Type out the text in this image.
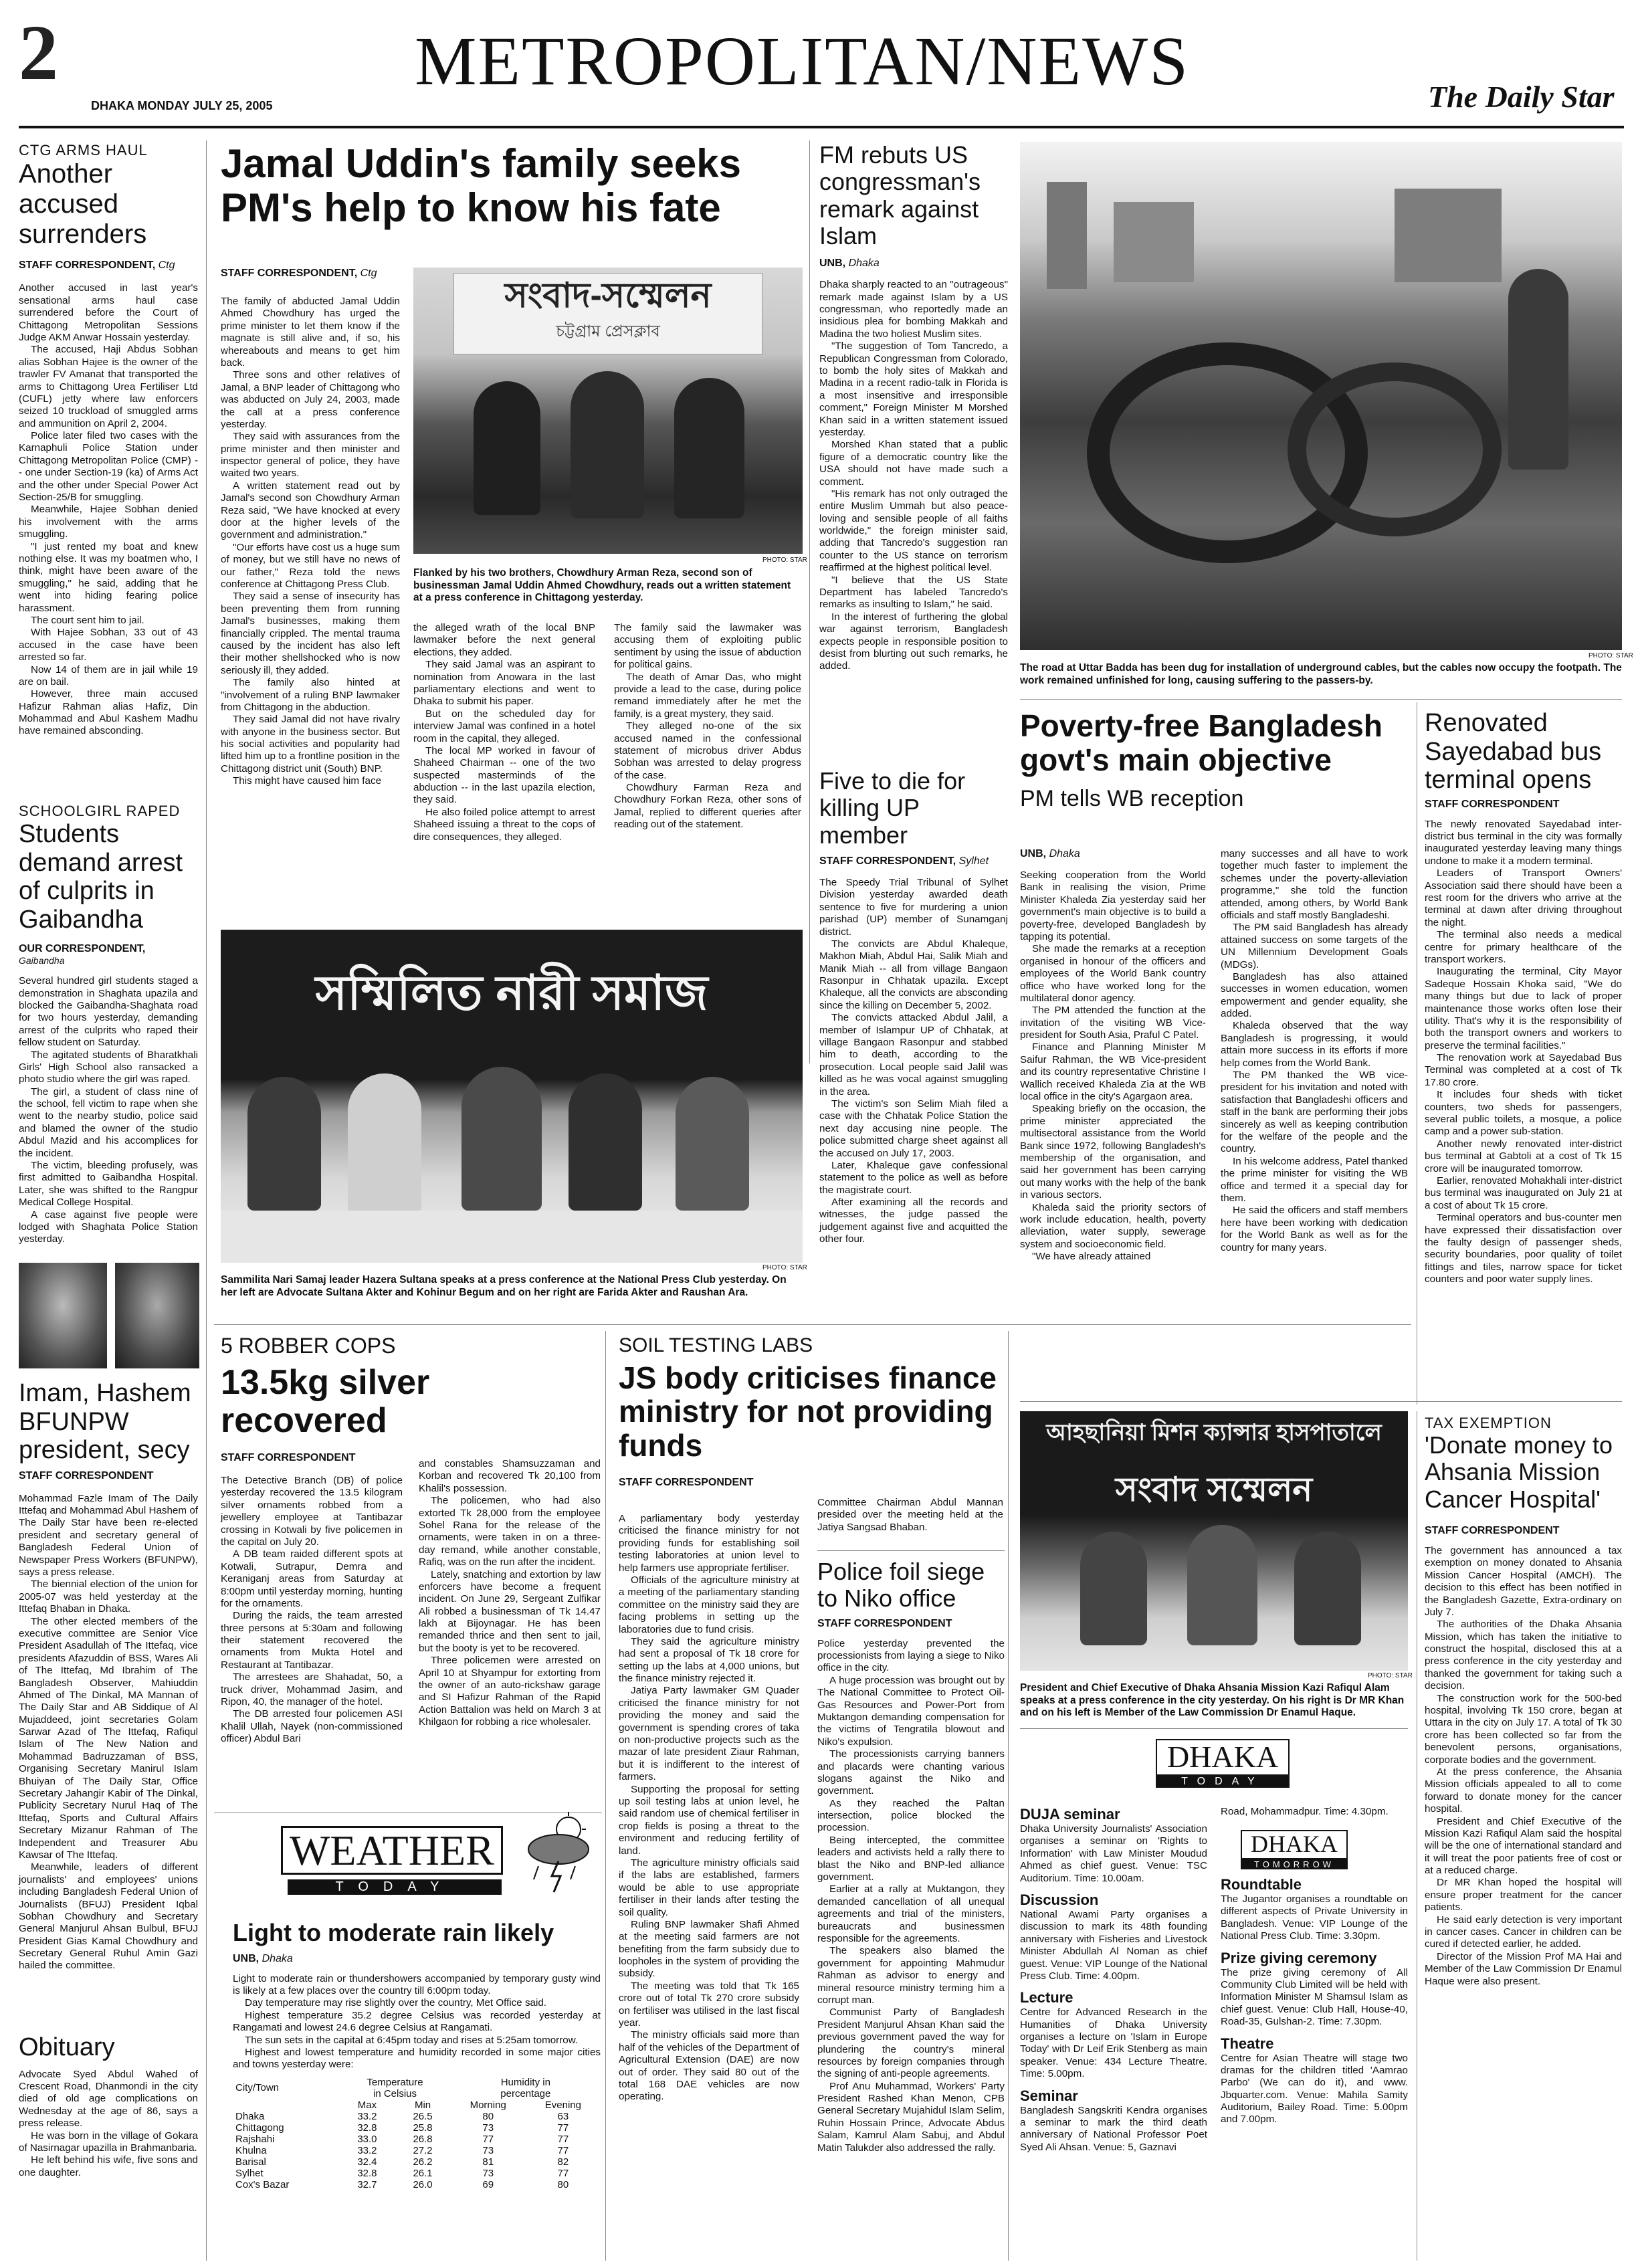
2
DHAKA MONDAY JULY 25, 2005
METROPOLITAN/NEWS	The Daily Star
CTG ARMS HAUL
Another accused surrenders
STAFF CORRESPONDENT, Ctg

Another accused in last year's sensational arms haul case surrendered before the Court of Chittagong Metropolitan Sessions Judge AKM Anwar Hossain yesterday.

The accused, Haji Abdus Sobhan alias Sobhan Hajee is the owner of the trawler FV Amanat that transported the arms to Chittagong Urea Fertiliser Ltd (CUFL) jetty where law enforcers seized 10 truckload of smuggled arms and ammunition on April 2, 2004.

Police later filed two cases with the Karnaphuli Police Station under Chittagong Metropolitan Police (CMP) -- one under Section-19 (ka) of Arms Act and the other under Special Power Act Section-25/B for smuggling.

Meanwhile, Hajee Sobhan denied his involvement with the arms smuggling.

"I just rented my boat and knew nothing else. It was my boatmen who, I think, might have been aware of the smuggling," he said, adding that he went into hiding fearing police harassment.

The court sent him to jail.

With Hajee Sobhan, 33 out of 43 accused in the case have been arrested so far.

Now 14 of them are in jail while 19 are on bail.

However, three main accused Hafizur Rahman alias Hafiz, Din Mohammad and Abul Kashem Madhu have remained absconding.

SCHOOLGIRL RAPED
Students demand arrest of culprits in Gaibandha
OUR CORRESPONDENT,
Gaibandha

Several hundred girl students staged a demonstration in Shaghata upazila and blocked the Gaibandha-Shaghata road for two hours yesterday, demanding arrest of the culprits who raped their fellow student on Saturday.

The agitated students of Bharatkhali Girls' High School also ransacked a photo studio where the girl was raped.

The girl, a student of class nine of the school, fell victim to rape when she went to the nearby studio, police said and blamed the owner of the studio Abdul Mazid and his accomplices for the incident.

The victim, bleeding profusely, was first admitted to Gaibandha Hospital. Later, she was shifted to the Rangpur Medical College Hospital.

A case against five people were lodged with Shaghata Police Station yesterday.

Imam, Hashem BFUNPW president, secy
STAFF CORRESPONDENT

Mohammad Fazle Imam of The Daily Ittefaq and Mohammad Abul Hashem of The Daily Star have been re-elected president and secretary general of Bangladesh Federal Union of Newspaper Press Workers (BFUNPW), says a press release.

The biennial election of the union for 2005-07 was held yesterday at the Ittefaq Bhaban in Dhaka.

The other elected members of the executive committee are Senior Vice President Asadullah of The Ittefaq, vice presidents Afazuddin of BSS, Wares Ali of The Ittefaq, Md Ibrahim of The Bangladesh Observer, Mahiuddin Ahmed of The Dinkal, MA Mannan of The Daily Star and AB Siddique of Al Mujaddeed, joint secretaries Golam Sarwar Azad of The Ittefaq, Rafiqul Islam of The New Nation and Mohammad Badruzzaman of BSS, Organising Secretary Manirul Islam Bhuiyan of The Daily Star, Office Secretary Jahangir Kabir of The Dinkal, Publicity Secretary Nurul Haq of The Ittefaq, Sports and Cultural Affairs Secretary Mizanur Rahman of The Independent and Treasurer Abu Kawsar of The Ittefaq.

Meanwhile, leaders of different journalists' and employees' unions including Bangladesh Federal Union of Journalists (BFUJ) President Iqbal Sobhan Chowdhury and Secretary General Manjurul Ahsan Bulbul, BFUJ President Gias Kamal Chowdhury and Secretary General Ruhul Amin Gazi hailed the committee.

Obituary

Advocate Syed Abdul Wahed of Crescent Road, Dhanmondi in the city died of old age complications on Wednesday at the age of 86, says a press release.

He was born in the village of Gokara of Nasirnagar upazilla in Brahmanbaria.

He left behind his wife, five sons and one daughter.

Jamal Uddin's family seeks PM's help to know his fate
STAFF CORRESPONDENT, Ctg

The family of abducted Jamal Uddin Ahmed Chowdhury has urged the prime minister to let them know if the magnate is still alive and, if so, his whereabouts and means to get him back.

Three sons and other relatives of Jamal, a BNP leader of Chittagong who was abducted on July 24, 2003, made the call at a press conference yesterday.

They said with assurances from the prime minister and then minister and inspector general of police, they have waited two years.

A written statement read out by Jamal's second son Chowdhury Arman Reza said, "We have knocked at every door at the higher levels of the government and administration."

"Our efforts have cost us a huge sum of money, but we still have no news of our father," Reza told the news conference at Chittagong Press Club.

They said a sense of insecurity has been preventing them from running Jamal's businesses, making them financially crippled. The mental trauma caused by the incident has also left their mother shellshocked who is now seriously ill, they added.

The family also hinted at "involvement of a ruling BNP lawmaker from Chittagong in the abduction.

They said Jamal did not have rivalry with anyone in the business sector. But his social activities and popularity had lifted him up to a frontline position in the Chittagong district unit (South) BNP.

This might have caused him face

সংবাদ-সম্মেলন
চট্টগ্রাম প্রেসক্লাব
PHOTO: STAR
Flanked by his two brothers, Chowdhury Arman Reza, second son of businessman Jamal Uddin Ahmed Chowdhury, reads out a written statement at a press conference in Chittagong yesterday.

the alleged wrath of the local BNP lawmaker before the next general elections, they added.

They said Jamal was an aspirant to nomination from Anowara in the last parliamentary elections and went to Dhaka to submit his paper.

But on the scheduled day for interview Jamal was confined in a hotel room in the capital, they alleged.

The local MP worked in favour of Shaheed Chairman -- one of the two suspected masterminds of the abduction -- in the last upazila election, they said.

He also foiled police attempt to arrest Shaheed issuing a threat to the cops of dire consequences, they alleged.

The family said the lawmaker was accusing them of exploiting public sentiment by using the issue of abduction for political gains.

The death of Amar Das, who might provide a lead to the case, during police remand immediately after he met the family, is a great mystery, they said.

They alleged no-one of the six accused named in the confessional statement of microbus driver Abdus Sobhan was arrested to delay progress of the case.

Chowdhury Farman Reza and Chowdhury Forkan Reza, other sons of Jamal, replied to different queries after reading out of the statement.

FM rebuts US congressman's remark against Islam
UNB, Dhaka

Dhaka sharply reacted to an "outrageous" remark made against Islam by a US congressman, who reportedly made an insidious plea for bombing Makkah and Madina the two holiest Muslim sites.

"The suggestion of Tom Tancredo, a Republican Congressman from Colorado, to bomb the holy sites of Makkah and Madina in a recent radio-talk in Florida is a most insensitive and irresponsible comment," Foreign Minister M Morshed Khan said in a written statement issued yesterday.

Morshed Khan stated that a public figure of a democratic country like the USA should not have made such a comment.

"His remark has not only outraged the entire Muslim Ummah but also peace-loving and sensible people of all faiths worldwide," the foreign minister said, adding that Tancredo's suggestion ran counter to the US stance on terrorism reaffirmed at the highest political level.

"I believe that the US State Department has labeled Tancredo's remarks as insulting to Islam," he said.

In the interest of furthering the global war against terrorism, Bangladesh expects people in responsible position to desist from blurting out such remarks, he added.

PHOTO: STAR
The road at Uttar Badda has been dug for installation of underground cables, but the cables now occupy the footpath. The work remained unfinished for long, causing suffering to the passers-by.
সম্মিলিত নারী সমাজ
PHOTO: STAR
Sammilita Nari Samaj leader Hazera Sultana speaks at a press conference at the National Press Club yesterday. On her left are Advocate Sultana Akter and Kohinur Begum and on her right are Farida Akter and Raushan Ara.
Five to die for killing UP member
STAFF CORRESPONDENT, Sylhet

The Speedy Trial Tribunal of Sylhet Division yesterday awarded death sentence to five for murdering a union parishad (UP) member of Sunamganj district.

The convicts are Abdul Khaleque, Makhon Miah, Abdul Hai, Salik Miah and Manik Miah -- all from village Bangaon Rasonpur in Chhatak upazila. Except Khaleque, all the convicts are absconding since the killing on December 5, 2002.

The convicts attacked Abdul Jalil, a member of Islampur UP of Chhatak, at village Bangaon Rasonpur and stabbed him to death, according to the prosecution. Local people said Jalil was killed as he was vocal against smuggling in the area.

The victim's son Selim Miah filed a case with the Chhatak Police Station the next day accusing nine people. The police submitted charge sheet against all the accused on July 17, 2003.

Later, Khaleque gave confessional statement to the police as well as before the magistrate court.

After examining all the records and witnesses, the judge passed the judgement against five and acquitted the other four.

Poverty-free Bangladesh govt's main objective
PM tells WB reception
UNB, Dhaka

Seeking cooperation from the World Bank in realising the vision, Prime Minister Khaleda Zia yesterday said her government's main objective is to build a poverty-free, developed Bangladesh by tapping its potential.

She made the remarks at a reception organised in honour of the officers and employees of the World Bank country office who have worked long for the multilateral donor agency.

The PM attended the function at the invitation of the visiting WB Vice-president for South Asia, Praful C Patel.

Finance and Planning Minister M Saifur Rahman, the WB Vice-president and its country representative Christine I Wallich received Khaleda Zia at the WB local office in the city's Agargaon area.

Speaking briefly on the occasion, the prime minister appreciated the multisectoral assistance from the World Bank since 1972, following Bangladesh's membership of the organisation, and said her government has been carrying out many works with the help of the bank in various sectors.

Khaleda said the priority sectors of work include education, health, poverty alleviation, water supply, sewerage system and socioeconomic field.

"We have already attained

many successes and all have to work together much faster to implement the schemes under the poverty-alleviation programme," she told the function attended, among others, by World Bank officials and staff mostly Bangladeshi.

The PM said Bangladesh has already attained success on some targets of the UN Millennium Development Goals (MDGs).

Bangladesh has also attained successes in women education, women empowerment and gender equality, she added.

Khaleda observed that the way Bangladesh is progressing, it would attain more success in its efforts if more help comes from the World Bank.

The PM thanked the WB vice-president for his invitation and noted with satisfaction that Bangladeshi officers and staff in the bank are performing their jobs sincerely as well as keeping contribution for the welfare of the people and the country.

In his welcome address, Patel thanked the prime minister for visiting the WB office and termed it a special day for them.

He said the officers and staff members here have been working with dedication for the World Bank as well as for the country for many years.

Renovated Sayedabad bus terminal opens
STAFF CORRESPONDENT

The newly renovated Sayedabad inter-district bus terminal in the city was formally inaugurated yesterday leaving many things undone to make it a modern terminal.

Leaders of Transport Owners' Association said there should have been a rest room for the drivers who arrive at the terminal at dawn after driving throughout the night.

The terminal also needs a medical centre for primary healthcare of the transport workers.

Inaugurating the terminal, City Mayor Sadeque Hossain Khoka said, "We do many things but due to lack of proper maintenance those works often lose their utility. That's why it is the responsibility of both the transport owners and workers to preserve the terminal facilities."

The renovation work at Sayedabad Bus Terminal was completed at a cost of Tk 17.80 crore.

It includes four sheds with ticket counters, two sheds for passengers, several public toilets, a mosque, a police camp and a power sub-station.

Another newly renovated inter-district bus terminal at Gabtoli at a cost of Tk 15 crore will be inaugurated tomorrow.

Earlier, renovated Mohakhali inter-district bus terminal was inaugurated on July 21 at a cost of about Tk 15 crore.

Terminal operators and bus-counter men have expressed their dissatisfaction over the faulty design of passenger sheds, security boundaries, poor quality of toilet fittings and tiles, narrow space for ticket counters and poor water supply lines.

5 ROBBER COPS
13.5kg silver recovered
STAFF CORRESPONDENT

The Detective Branch (DB) of police yesterday recovered the 13.5 kilogram silver ornaments robbed from a jewellery employee at Tantibazar crossing in Kotwali by five policemen in the capital on July 20.

A DB team raided different spots at Kotwali, Sutrapur, Demra and Keraniganj areas from Saturday at 8:00pm until yesterday morning, hunting for the ornaments.

During the raids, the team arrested three persons at 5:30am and following their statement recovered the ornaments from Mukta Hotel and Restaurant at Tantibazar.

The arrestees are Shahadat, 50, a truck driver, Mohammad Jasim, and Ripon, 40, the manager of the hotel.

The DB arrested four policemen ASI Khalil Ullah, Nayek (non-commissioned officer) Abdul Bari

and constables Shamsuzzaman and Korban and recovered Tk 20,100 from Khalil's possession.

The policemen, who had also extorted Tk 28,000 from the employee Sohel Rana for the release of the ornaments, were taken in on a three-day remand, while another constable, Rafiq, was on the run after the incident.

Lately, snatching and extortion by law enforcers have become a frequent incident. On June 29, Sergeant Zulfikar Ali robbed a businessman of Tk 14.47 lakh at Bijoynagar. He has been remanded thrice and then sent to jail, but the booty is yet to be recovered.

Three policemen were arrested on April 10 at Shyampur for extorting from the owner of an auto-rickshaw garage and SI Hafizur Rahman of the Rapid Action Battalion was held on March 3 at Khilgaon for robbing a rice wholesaler.

WEATHER
TODAY
Light to moderate rain likely
UNB, Dhaka

Light to moderate rain or thundershowers accompanied by temporary gusty wind is likely at a few places over the country till 6:00pm today.

Day temperature may rise slightly over the country, Met Office said.

Highest temperature 35.2 degree Celsius was recorded yesterday at Rangamati and lowest 24.6 degree Celsius at Rangamati.

The sun sets in the capital at 6:45pm today and rises at 5:25am tomorrow.

Highest and lowest temperature and humidity recorded in some major cities and towns yesterday were:

City/Town	Temperature
in Celsius		Humidity in
percentage	
	Max	Min	Morning	Evening
Dhaka	33.2	26.5	80	63
Chittagong	32.8	25.8	73	77
Rajshahi	33.0	26.8	77	77
Khulna	33.2	27.2	73	77
Barisal	32.4	26.2	81	82
Sylhet	32.8	26.1	73	77
Cox's Bazar	32.7	26.0	69	80
SOIL TESTING LABS
JS body criticises finance ministry for not providing funds
STAFF CORRESPONDENT

A parliamentary body yesterday criticised the finance ministry for not providing funds for establishing soil testing laboratories at union level to help farmers use appropriate fertiliser.

Officials of the agriculture ministry at a meeting of the parliamentary standing committee on the ministry said they are facing problems in setting up the laboratories due to fund crisis.

They said the agriculture ministry had sent a proposal of Tk 18 crore for setting up the labs at 4,000 unions, but the finance ministry rejected it.

Jatiya Party lawmaker GM Quader criticised the finance ministry for not providing the money and said the government is spending crores of taka on non-productive projects such as the mazar of late president Ziaur Rahman, but it is indifferent to the interest of farmers.

Supporting the proposal for setting up soil testing labs at union level, he said random use of chemical fertiliser in crop fields is posing a threat to the environment and reducing fertility of land.

The agriculture ministry officials said if the labs are established, farmers would be able to use appropriate fertiliser in their lands after testing the soil quality.

Ruling BNP lawmaker Shafi Ahmed at the meeting said farmers are not benefiting from the farm subsidy due to loopholes in the system of providing the subsidy.

The meeting was told that Tk 165 crore out of total Tk 270 crore subsidy on fertiliser was utilised in the last fiscal year.

The ministry officials said more than half of the vehicles of the Department of Agricultural Extension (DAE) are now out of order. They said 80 out of the total 168 DAE vehicles are now operating.

Committee Chairman Abdul Mannan presided over the meeting held at the Jatiya Sangsad Bhaban.

Police foil siege to Niko office
STAFF CORRESPONDENT

Police yesterday prevented the processionists from laying a siege to Niko office in the city.

A huge procession was brought out by The National Committee to Protect Oil-Gas Resources and Power-Port from Muktangon demanding compensation for the victims of Tengratila blowout and Niko's expulsion.

The processionists carrying banners and placards were chanting various slogans against the Niko and government.

As they reached the Paltan intersection, police blocked the procession.

Being intercepted, the committee leaders and activists held a rally there to blast the Niko and BNP-led alliance government.

Earlier at a rally at Muktangon, they demanded cancellation of all unequal agreements and trial of the ministers, bureaucrats and businessmen responsible for the agreements.

The speakers also blamed the government for appointing Mahmudur Rahman as advisor to energy and mineral resource ministry terming him a corrupt man.

Communist Party of Bangladesh President Manjurul Ahsan Khan said the previous government paved the way for plundering the country's mineral resources by foreign companies through the signing of anti-people agreements.

Prof Anu Muhammad, Workers' Party President Rashed Khan Menon, CPB General Secretary Mujahidul Islam Selim, Ruhin Hossain Prince, Advocate Abdus Salam, Kamrul Alam Sabuj, and Abdul Matin Talukder also addressed the rally.

আহছানিয়া মিশন ক্যান্সার হাসপাতালে
সংবাদ সম্মেলন
PHOTO: STAR
President and Chief Executive of Dhaka Ahsania Mission Kazi Rafiqul Alam speaks at a press conference in the city yesterday. On his right is Dr MR Khan and on his left is Member of the Law Commission Dr Enamul Haque.
DHAKA
TODAY
DUJA seminar
Dhaka University Journalists' Association organises a seminar on 'Rights to Information' with Law Minister Moudud Ahmed as chief guest. Venue: TSC Auditorium. Time: 10.00am.
Discussion
National Awami Party organises a discussion to mark its 48th founding anniversary with Fisheries and Livestock Minister Abdullah Al Noman as chief guest. Venue: VIP Lounge of the National Press Club. Time: 4.00pm.
Lecture
Centre for Advanced Research in the Humanities of Dhaka University organises a lecture on 'Islam in Europe Today' with Dr Leif Erik Stenberg as main speaker. Venue: 434 Lecture Theatre. Time: 5.00pm.
Seminar
Bangladesh Sangskriti Kendra organises a seminar to mark the third death anniversary of National Professor Poet Syed Ali Ahsan. Venue: 5, Gaznavi
Road, Mohammadpur. Time: 4.30pm.
DHAKA
TOMORROW
Roundtable
The Jugantor organises a roundtable on different aspects of Private University in Bangladesh. Venue: VIP Lounge of the National Press Club. Time: 3.30pm.
Prize giving ceremony
The prize giving ceremony of All Community Club Limited will be held with Information Minister M Shamsul Islam as chief guest. Venue: Club Hall, House-40, Road-35, Gulshan-2. Time: 7.30pm.
Theatre
Centre for Asian Theatre will stage two dramas for the children titled 'Aamrao Parbo' (We can do it), and www. Jbquarter.com. Venue: Mahila Samity Auditorium, Bailey Road. Time: 5.00pm and 7.00pm.
TAX EXEMPTION
'Donate money to Ahsania Mission Cancer Hospital'
STAFF CORRESPONDENT

The government has announced a tax exemption on money donated to Ahsania Mission Cancer Hospital (AMCH). The decision to this effect has been notified in the Bangladesh Gazette, Extra-ordinary on July 7.

The authorities of the Dhaka Ahsania Mission, which has taken the initiative to construct the hospital, disclosed this at a press conference in the city yesterday and thanked the government for taking such a decision.

The construction work for the 500-bed hospital, involving Tk 150 crore, began at Uttara in the city on July 17. A total of Tk 30 crore has been collected so far from the benevolent persons, organisations, corporate bodies and the government.

At the press conference, the Ahsania Mission officials appealed to all to come forward to donate money for the cancer hospital.

President and Chief Executive of the Mission Kazi Rafiqul Alam said the hospital will be the one of international standard and it will treat the poor patients free of cost or at a reduced charge.

Dr MR Khan hoped the hospital will ensure proper treatment for the cancer patients.

He said early detection is very important in cancer cases. Cancer in children can be cured if detected earlier, he added.

Director of the Mission Prof MA Hai and Member of the Law Commission Dr Enamul Haque were also present.
